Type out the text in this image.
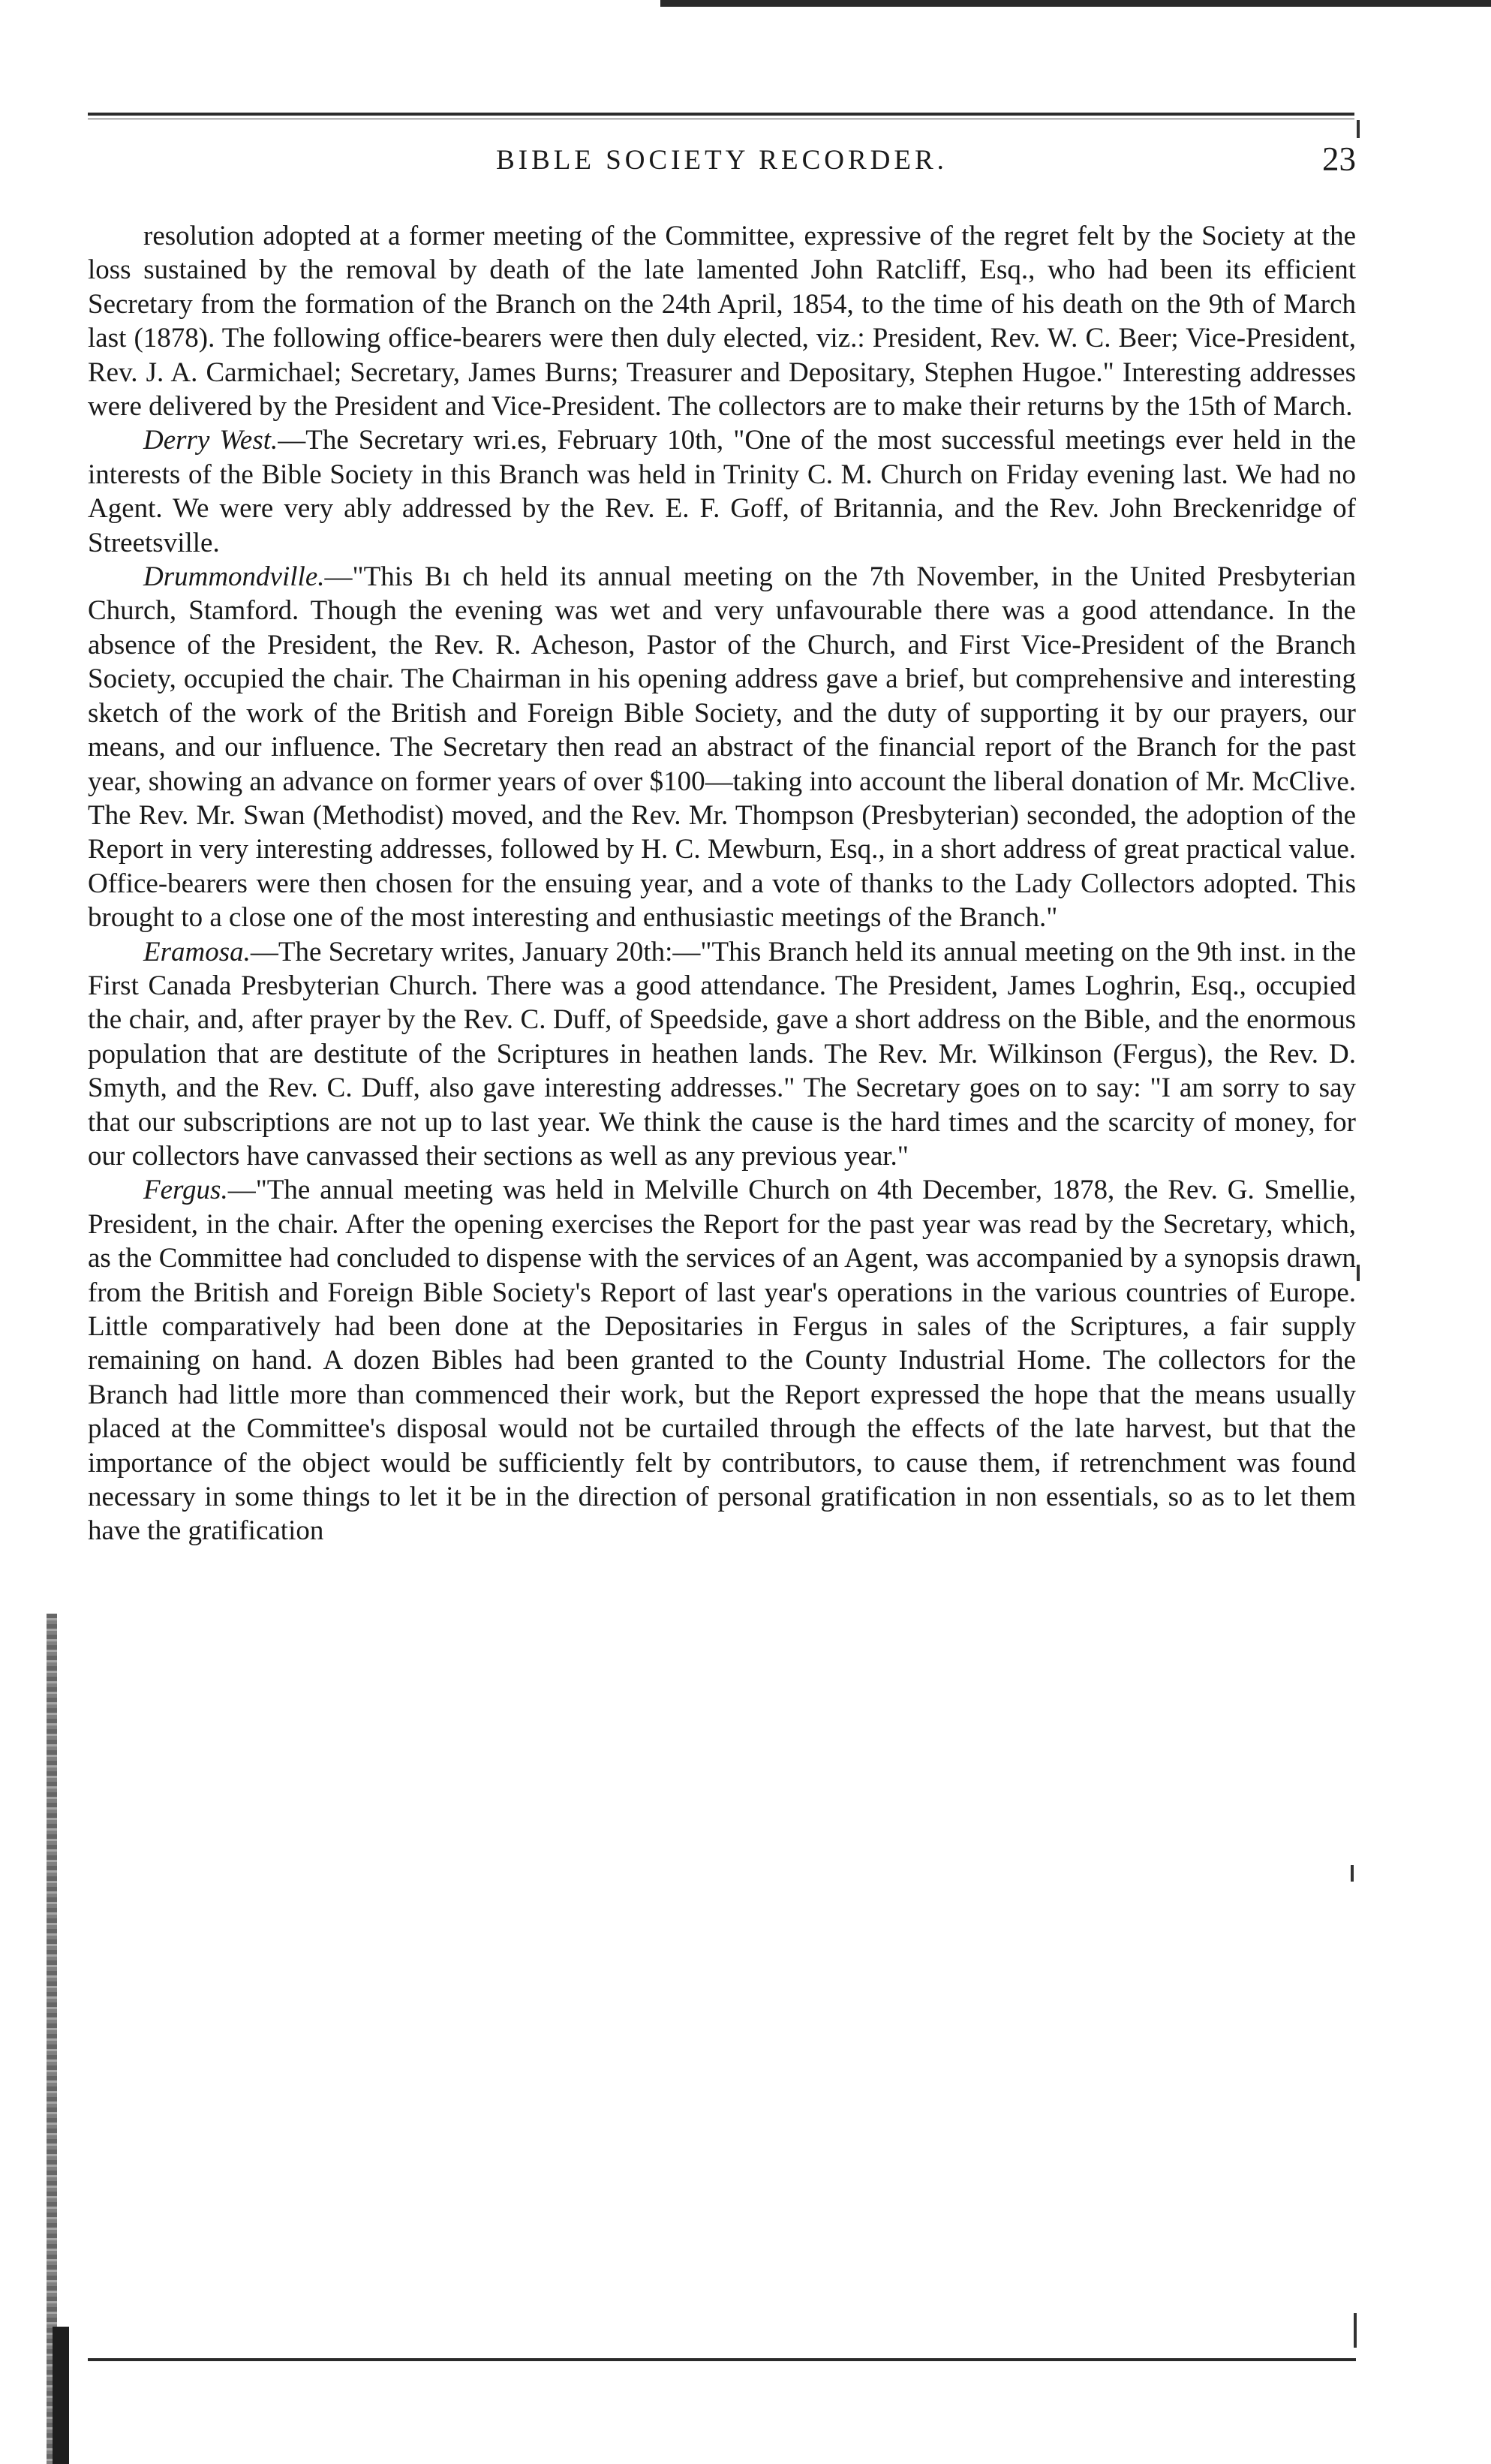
BIBLE SOCIETY RECORDER.	23

resolution adopted at a former meeting of the Committee, expressive of the regret felt by the Society at the loss sustained by the removal by death of the late lamented John Ratcliff, Esq., who had been its efficient Secretary from the formation of the Branch on the 24th April, 1854, to the time of his death on the 9th of March last (1878). The following office-bearers were then duly elected, viz.: President, Rev. W. C. Beer; Vice-President, Rev. J. A. Carmichael; Secretary, James Burns; Treasurer and Depositary, Stephen Hugoe." Interesting addresses were delivered by the President and Vice-President. The collectors are to make their returns by the 15th of March.

Derry West.—The Secretary wri.es, February 10th, "One of the most successful meetings ever held in the interests of the Bible Society in this Branch was held in Trinity C. M. Church on Friday evening last. We had no Agent. We were very ably addressed by the Rev. E. F. Goff, of Britannia, and the Rev. John Breckenridge of Streetsville.

Drummondville.—"This Bı ch held its annual meeting on the 7th November, in the United Presbyterian Church, Stamford. Though the evening was wet and very unfavourable there was a good attendance. In the absence of the President, the Rev. R. Acheson, Pastor of the Church, and First Vice-President of the Branch Society, occupied the chair. The Chairman in his opening address gave a brief, but comprehensive and interesting sketch of the work of the British and Foreign Bible Society, and the duty of supporting it by our prayers, our means, and our influence. The Secretary then read an abstract of the financial report of the Branch for the past year, showing an advance on former years of over $100—taking into account the liberal donation of Mr. McClive. The Rev. Mr. Swan (Methodist) moved, and the Rev. Mr. Thompson (Presbyterian) seconded, the adoption of the Report in very interesting addresses, followed by H. C. Mewburn, Esq., in a short address of great practical value. Office-bearers were then chosen for the ensuing year, and a vote of thanks to the Lady Collectors adopted. This brought to a close one of the most interesting and enthusiastic meetings of the Branch."

Eramosa.—The Secretary writes, January 20th:—"This Branch held its annual meeting on the 9th inst. in the First Canada Presbyterian Church. There was a good attendance. The President, James Loghrin, Esq., occupied the chair, and, after prayer by the Rev. C. Duff, of Speedside, gave a short address on the Bible, and the enormous population that are destitute of the Scriptures in heathen lands. The Rev. Mr. Wilkinson (Fergus), the Rev. D. Smyth, and the Rev. C. Duff, also gave interesting addresses." The Secretary goes on to say: "I am sorry to say that our subscriptions are not up to last year. We think the cause is the hard times and the scarcity of money, for our collectors have canvassed their sections as well as any previous year."

Fergus.—"The annual meeting was held in Melville Church on 4th December, 1878, the Rev. G. Smellie, President, in the chair. After the opening exercises the Report for the past year was read by the Secretary, which, as the Committee had concluded to dispense with the services of an Agent, was accompanied by a synopsis drawn from the British and Foreign Bible Society's Report of last year's operations in the various countries of Europe. Little comparatively had been done at the Depositaries in Fergus in sales of the Scriptures, a fair supply remaining on hand. A dozen Bibles had been granted to the County Industrial Home. The collectors for the Branch had little more than commenced their work, but the Report expressed the hope that the means usually placed at the Committee's disposal would not be curtailed through the effects of the late harvest, but that the importance of the object would be sufficiently felt by contributors, to cause them, if retrenchment was found necessary in some things to let it be in the direction of personal gratification in non essentials, so as to let them have the gratification
